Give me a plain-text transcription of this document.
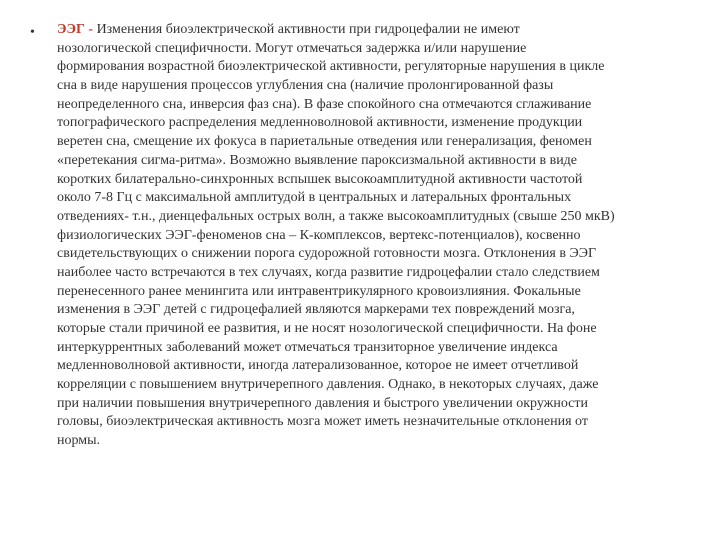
• ЭЭГ - Изменения биоэлектрической активности при гидроцефалии не имеют
нозологической специфичности. Могут отмечаться задержка и/или нарушение
формирования возрастной биоэлектрической активности, регуляторные нарушения в цикле
сна в виде нарушения процессов углубления сна (наличие пролонгированной фазы
неопределенного сна, инверсия фаз сна). В фазе спокойного сна отмечаются сглаживание
топографического распределения медленноволновой активности, изменение продукции
веретен сна, смещение их фокуса в париетальные отведения или генерализация, феномен
«перетекания сигма-ритма». Возможно выявление пароксизмальной активности в виде
коротких билатерально-синхронных вспышек высокоамплитудной активности частотой
около 7-8 Гц с максимальной амплитудой в центральных и латеральных фронтальных
отведениях- т.н., диенцефальных острых волн, а также высокоамплитудных (свыше 250 мкВ)
физиологических ЭЭГ-феноменов сна – К-комплексов, вертекс-потенциалов), косвенно
свидетельствующих о снижении порога судорожной готовности мозга. Отклонения в ЭЭГ
наиболее часто встречаются в тех случаях, когда развитие гидроцефалии стало следствием
перенесенного ранее менингита или интравентрикулярного кровоизлияния. Фокальные
изменения в ЭЭГ детей с гидроцефалией являются маркерами тех повреждений мозга,
которые стали причиной ее развития, и не носят нозологической специфичности. На фоне
интеркуррентных заболеваний может отмечаться транзиторное увеличение индекса
медленноволновой активности, иногда латерализованное, которое не имеет отчетливой
корреляции с повышением внутричерепного давления. Однако, в некоторых случаях, даже
при наличии повышения внутричерепного давления и быстрого увеличении окружности
головы, биоэлектрическая активность мозга может иметь незначительные отклонения от
нормы.
